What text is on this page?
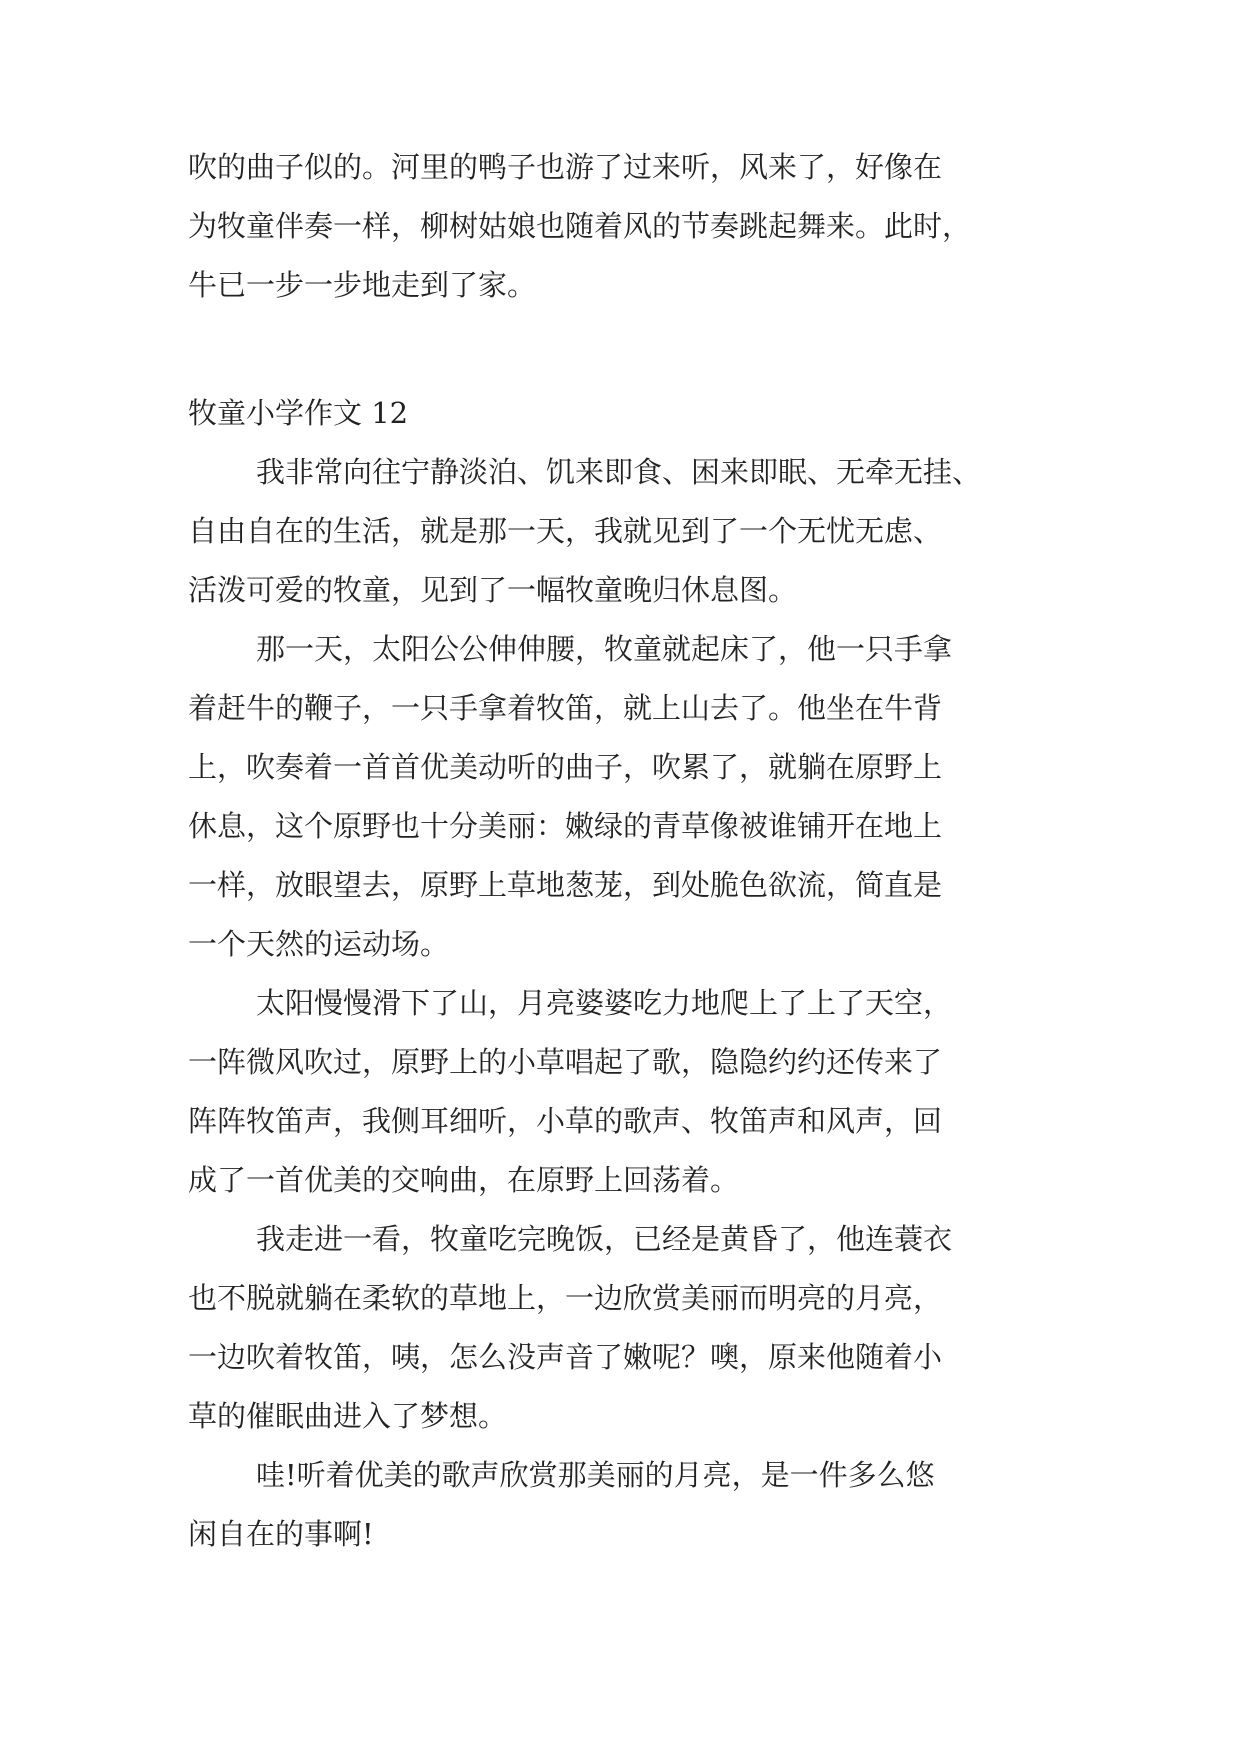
吹的曲子似的。河里的鸭子也游了过来听，风来了，好像在
为牧童伴奏一样，柳树姑娘也随着风的节奏跳起舞来。此时，
牛已一步一步地走到了家。
牧童小学作文 12
我非常向往宁静淡泊、饥来即食、困来即眠、无牵无挂、
自由自在的生活，就是那一天，我就见到了一个无忧无虑、
活泼可爱的牧童，见到了一幅牧童晚归休息图。
那一天，太阳公公伸伸腰，牧童就起床了，他一只手拿
着赶牛的鞭子，一只手拿着牧笛，就上山去了。他坐在牛背
上，吹奏着一首首优美动听的曲子，吹累了，就躺在原野上
休息，这个原野也十分美丽：嫩绿的青草像被谁铺开在地上
一样，放眼望去，原野上草地葱茏，到处脆色欲流，简直是
一个天然的运动场。
太阳慢慢滑下了山，月亮婆婆吃力地爬上了上了天空，
一阵微风吹过，原野上的小草唱起了歌，隐隐约约还传来了
阵阵牧笛声，我侧耳细听，小草的歌声、牧笛声和风声，回
成了一首优美的交响曲，在原野上回荡着。
我走进一看，牧童吃完晚饭，已经是黄昏了，他连蓑衣
也不脱就躺在柔软的草地上，一边欣赏美丽而明亮的月亮，
一边吹着牧笛，咦，怎么没声音了嫩呢？噢，原来他随着小
草的催眠曲进入了梦想。
哇!听着优美的歌声欣赏那美丽的月亮，是一件多么悠
闲自在的事啊!
